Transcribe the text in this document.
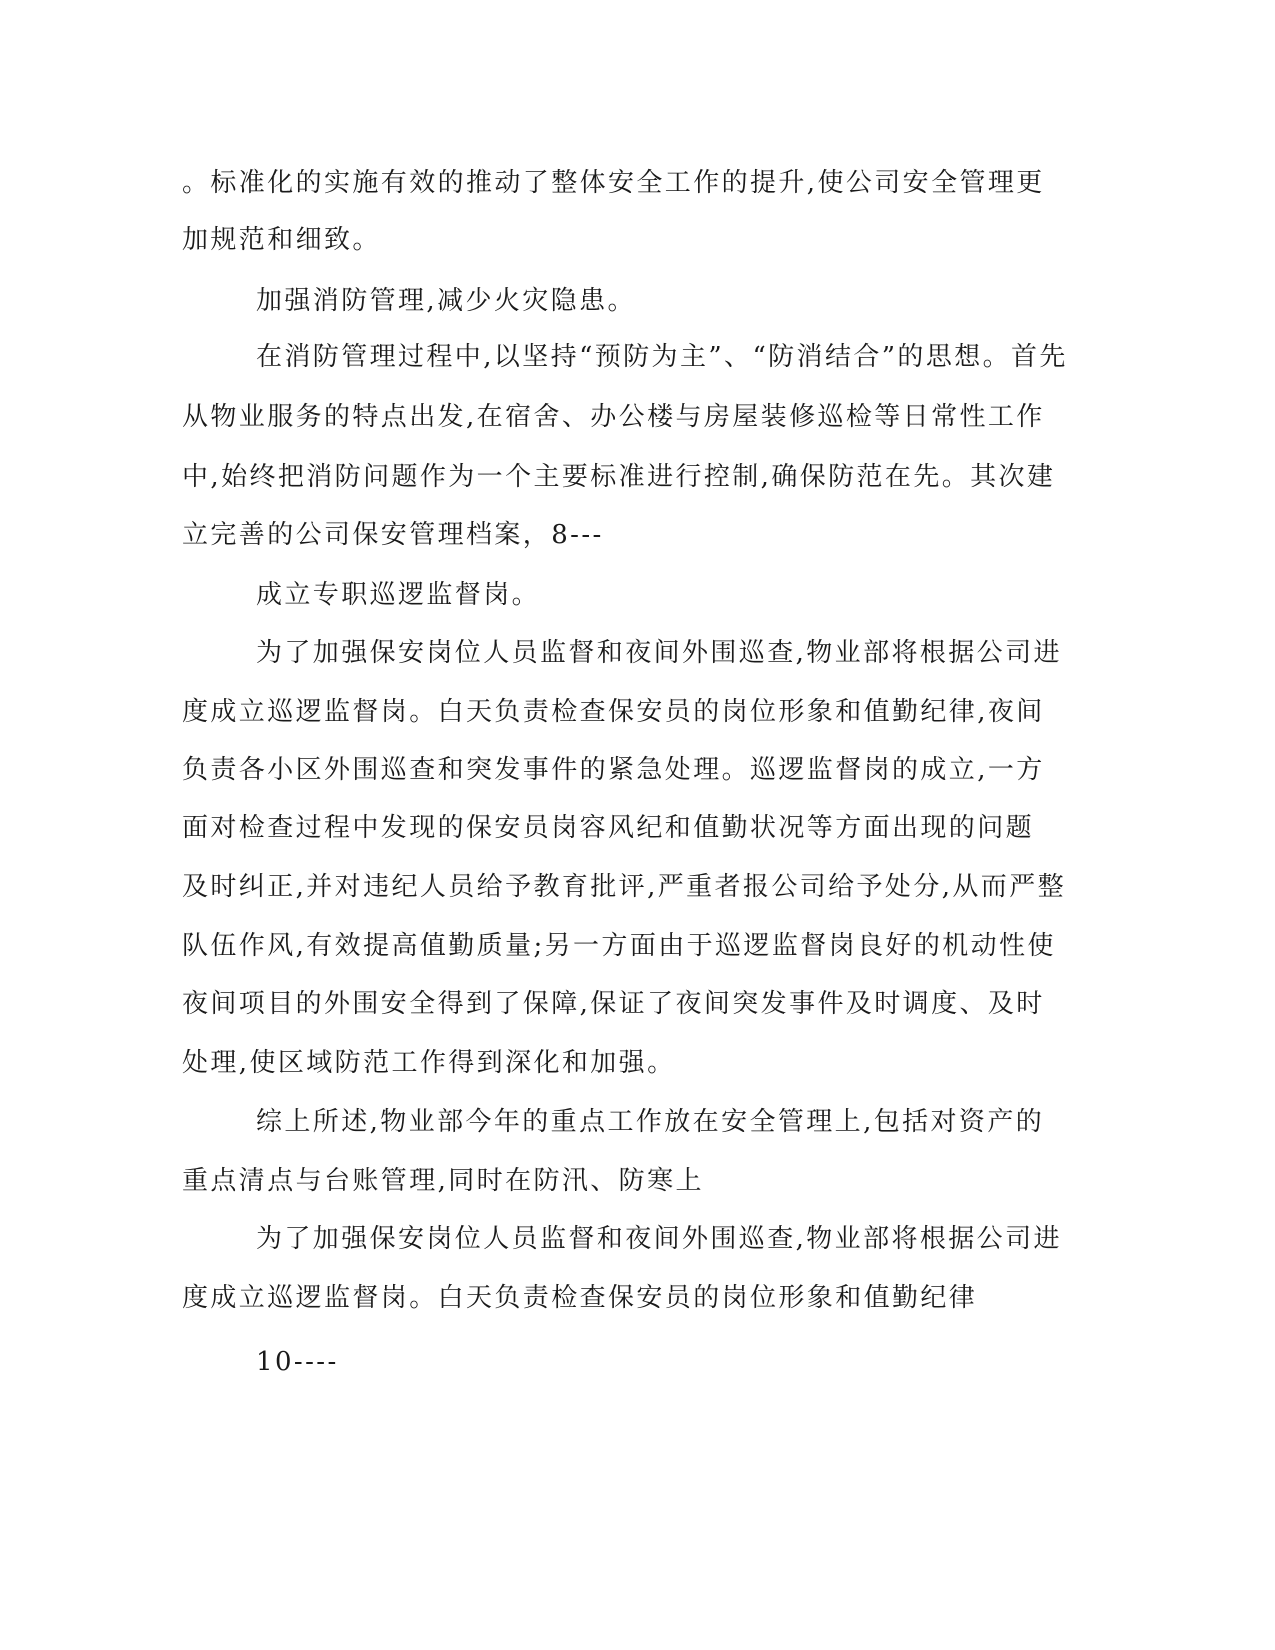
。标准化的实施有效的推动了整体安全工作的提升,使公司安全管理更
加规范和细致。
加强消防管理,减少火灾隐患。
在消防管理过程中,以坚持“预防为主”、“防消结合”的思想。首先
从物业服务的特点出发,在宿舍、办公楼与房屋装修巡检等日常性工作
中,始终把消防问题作为一个主要标准进行控制,确保防范在先。其次建
立完善的公司保安管理档案，8---
成立专职巡逻监督岗。
为了加强保安岗位人员监督和夜间外围巡查,物业部将根据公司进
度成立巡逻监督岗。白天负责检查保安员的岗位形象和值勤纪律,夜间
负责各小区外围巡查和突发事件的紧急处理。巡逻监督岗的成立,一方
面对检查过程中发现的保安员岗容风纪和值勤状况等方面出现的问题
及时纠正,并对违纪人员给予教育批评,严重者报公司给予处分,从而严整
队伍作风,有效提高值勤质量;另一方面由于巡逻监督岗良好的机动性使
夜间项目的外围安全得到了保障,保证了夜间突发事件及时调度、及时
处理,使区域防范工作得到深化和加强。
综上所述,物业部今年的重点工作放在安全管理上,包括对资产的
重点清点与台账管理,同时在防汛、防寒上
为了加强保安岗位人员监督和夜间外围巡查,物业部将根据公司进
度成立巡逻监督岗。白天负责检查保安员的岗位形象和值勤纪律
10----
